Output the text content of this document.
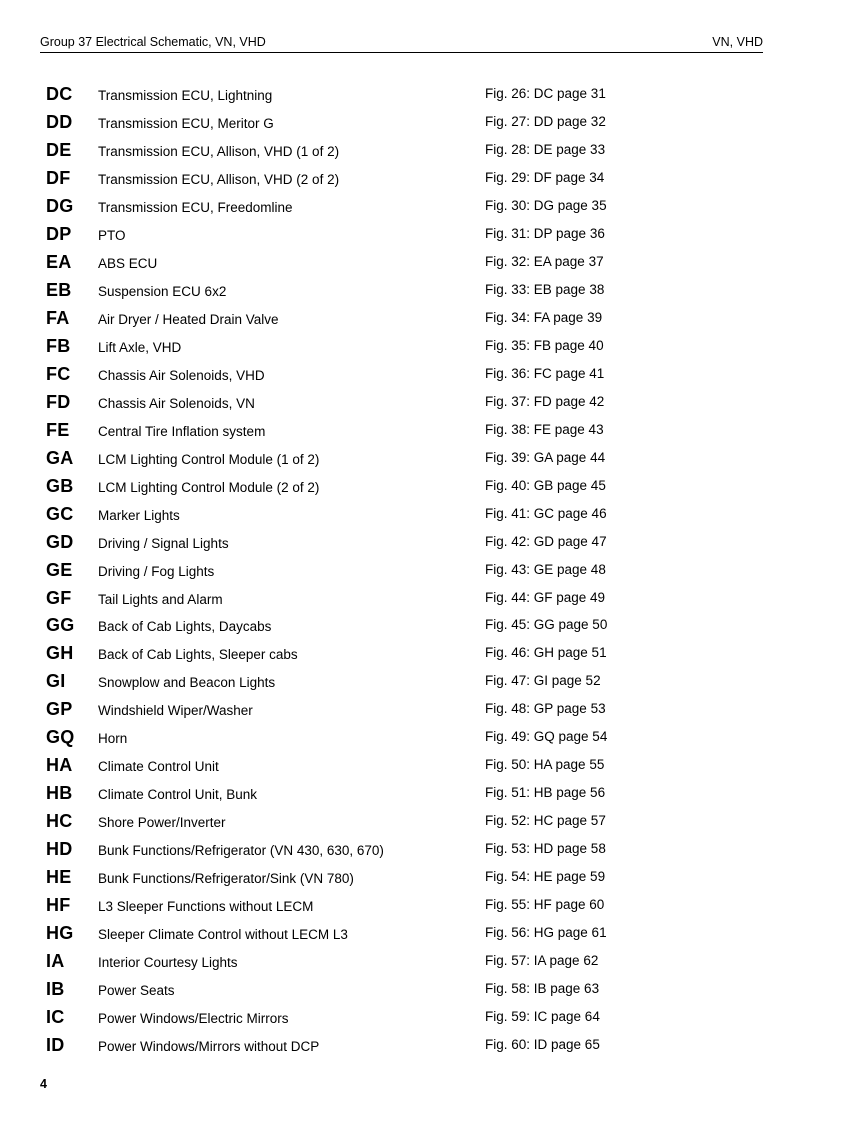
Group 37 Electrical Schematic, VN, VHD	VN, VHD
DC Transmission ECU, Lightning	Fig. 26: DC page 31
DD Transmission ECU, Meritor G	Fig. 27: DD page 32
DE Transmission ECU, Allison, VHD (1 of 2)	Fig. 28: DE page 33
DF Transmission ECU, Allison, VHD (2 of 2)	Fig. 29: DF page 34
DG Transmission ECU, Freedomline	Fig. 30: DG page 35
DP PTO	Fig. 31: DP page 36
EA ABS ECU	Fig. 32: EA page 37
EB Suspension ECU 6x2	Fig. 33: EB page 38
FA Air Dryer / Heated Drain Valve	Fig. 34: FA page 39
FB Lift Axle, VHD	Fig. 35: FB page 40
FC Chassis Air Solenoids, VHD	Fig. 36: FC page 41
FD Chassis Air Solenoids, VN	Fig. 37: FD page 42
FE Central Tire Inflation system	Fig. 38: FE page 43
GA LCM Lighting Control Module (1 of 2)	Fig. 39: GA page 44
GB LCM Lighting Control Module (2 of 2)	Fig. 40: GB page 45
GC Marker Lights	Fig. 41: GC page 46
GD Driving / Signal Lights	Fig. 42: GD page 47
GE Driving / Fog Lights	Fig. 43: GE page 48
GF Tail Lights and Alarm	Fig. 44: GF page 49
GG Back of Cab Lights, Daycabs	Fig. 45: GG page 50
GH Back of Cab Lights, Sleeper cabs	Fig. 46: GH page 51
GI Snowplow and Beacon Lights	Fig. 47: GI page 52
GP Windshield Wiper/Washer	Fig. 48: GP page 53
GQ Horn	Fig. 49: GQ page 54
HA Climate Control Unit	Fig. 50: HA page 55
HB Climate Control Unit, Bunk	Fig. 51: HB page 56
HC Shore Power/Inverter	Fig. 52: HC page 57
HD Bunk Functions/Refrigerator (VN 430, 630, 670)	Fig. 53: HD page 58
HE Bunk Functions/Refrigerator/Sink (VN 780)	Fig. 54: HE page 59
HF L3 Sleeper Functions without LECM	Fig. 55: HF page 60
HG Sleeper Climate Control without LECM L3	Fig. 56: HG page 61
IA Interior Courtesy Lights	Fig. 57: IA page 62
IB Power Seats	Fig. 58: IB page 63
IC Power Windows/Electric Mirrors	Fig. 59: IC page 64
ID Power Windows/Mirrors without DCP	Fig. 60: ID page 65
4
